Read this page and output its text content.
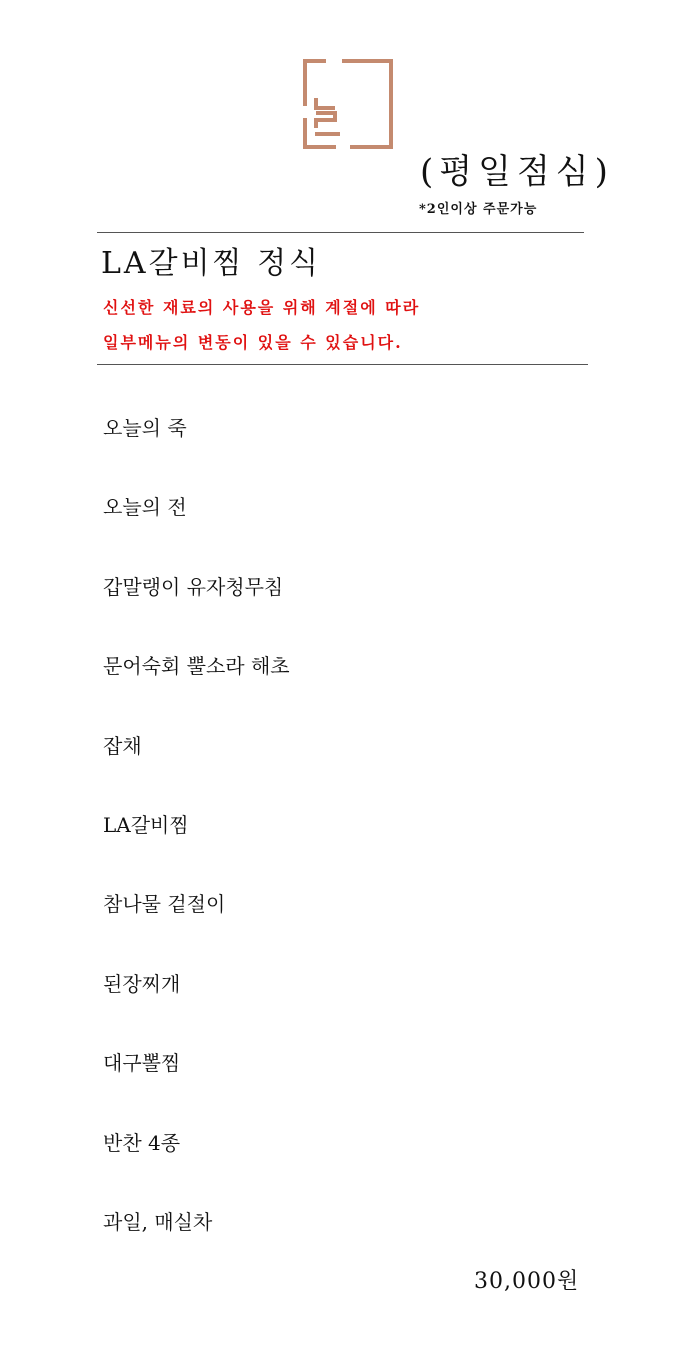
(평일점심)
*2인이상 주문가능
LA갈비찜 정식
신선한 재료의 사용을 위해 계절에 따라
일부메뉴의 변동이 있을 수 있습니다.
오늘의 죽
오늘의 전
갑말랭이 유자청무침
문어숙회 뿔소라 해초
잡채
LA갈비찜
참나물 겉절이
된장찌개
대구뽈찜
반찬 4종
과일, 매실차
30,000원
